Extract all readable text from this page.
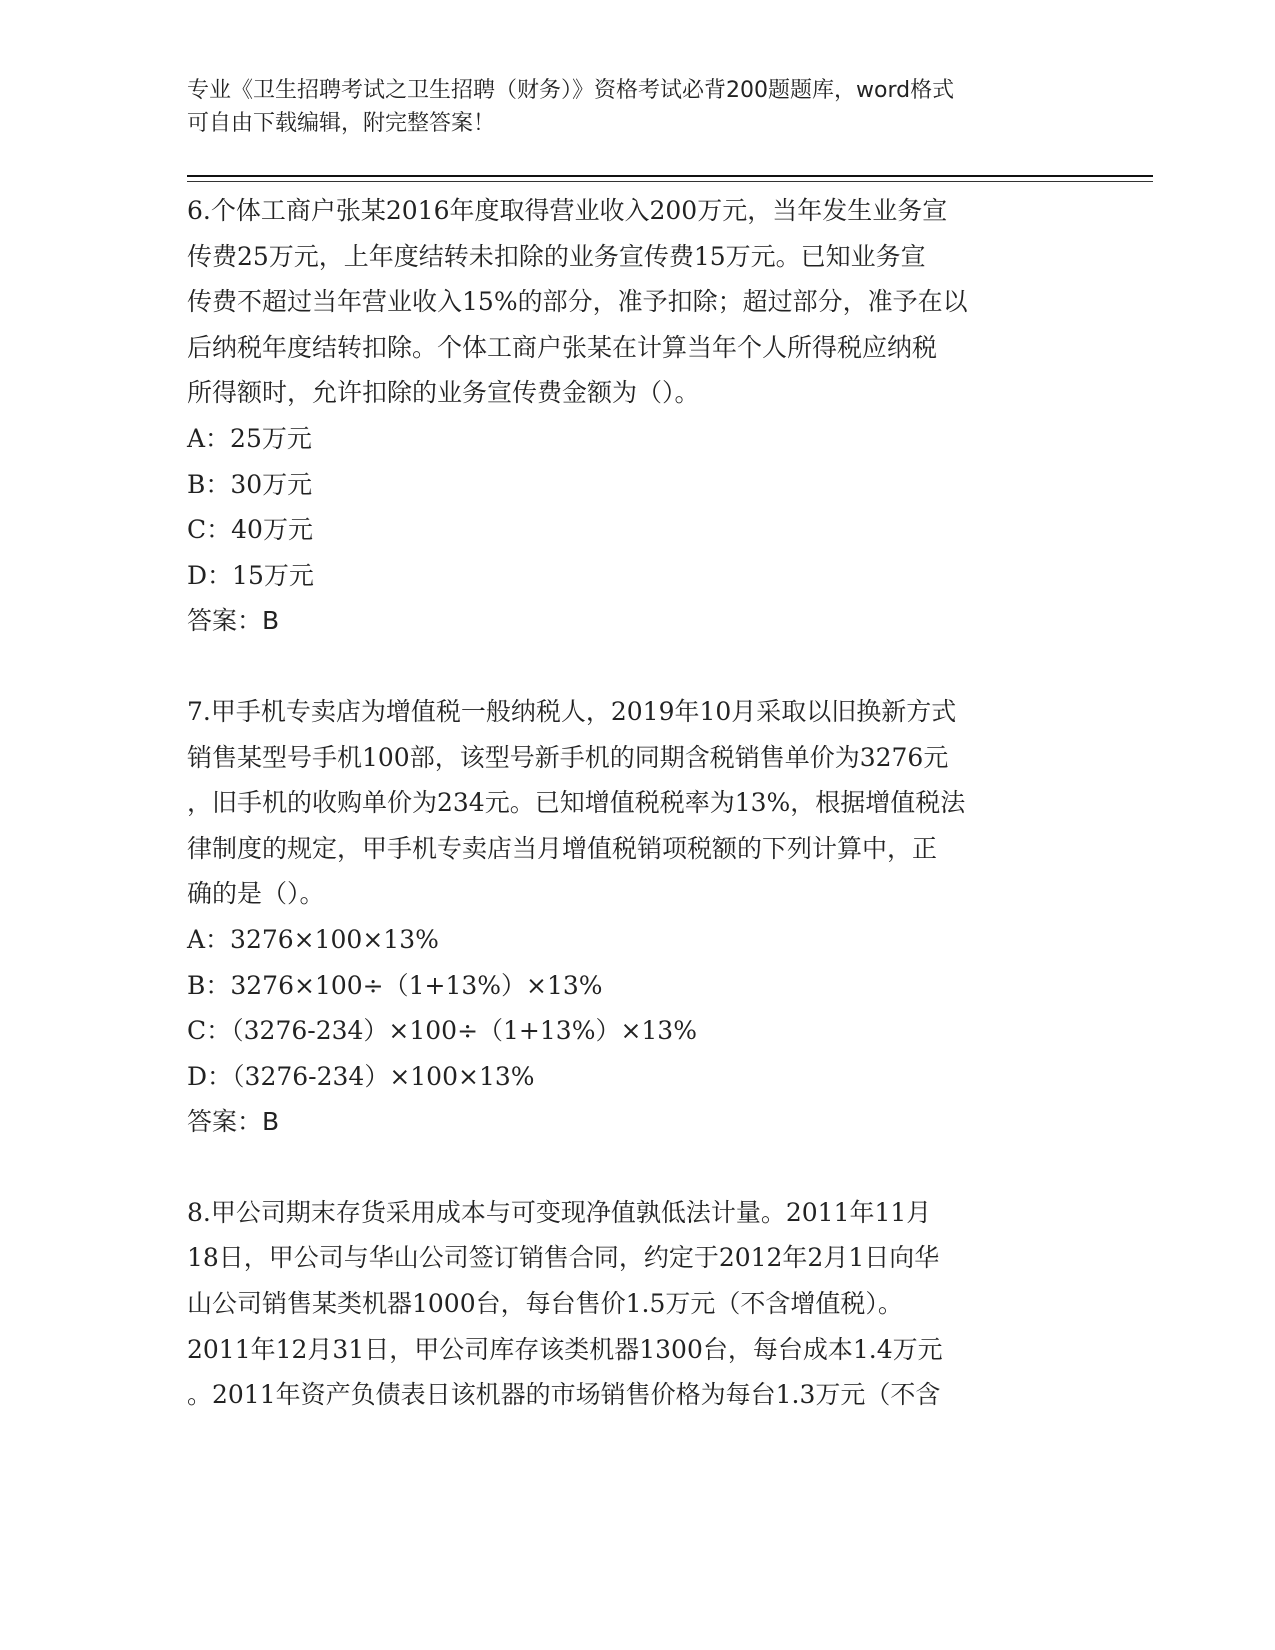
专业《卫生招聘考试之卫生招聘（财务）》资格考试必背200题题库，word格式
可自由下载编辑，附完整答案！

6.个体工商户张某2016年度取得营业收入200万元，当年发生业务宣

传费25万元，上年度结转未扣除的业务宣传费15万元。已知业务宣

传费不超过当年营业收入15%的部分，准予扣除；超过部分，准予在以

后纳税年度结转扣除。个体工商户张某在计算当年个人所得税应纳税

所得额时，允许扣除的业务宣传费金额为（）。

A：25万元

B：30万元

C：40万元

D：15万元

答案：B

7.甲手机专卖店为增值税一般纳税人，2019年10月采取以旧换新方式

销售某型号手机100部，该型号新手机的同期含税销售单价为3276元

，旧手机的收购单价为234元。已知增值税税率为13%，根据增值税法

律制度的规定，甲手机专卖店当月增值税销项税额的下列计算中，正

确的是（）。

A：3276×100×13%

B：3276×100÷（1+13%）×13%

C：（3276-234）×100÷（1+13%）×13%

D：（3276-234）×100×13%

答案：B

8.甲公司期末存货采用成本与可变现净值孰低法计量。2011年11月

18日，甲公司与华山公司签订销售合同，约定于2012年2月1日向华

山公司销售某类机器1000台，每台售价1.5万元（不含增值税）。

2011年12月31日，甲公司库存该类机器1300台，每台成本1.4万元

。2011年资产负债表日该机器的市场销售价格为每台1.3万元（不含
